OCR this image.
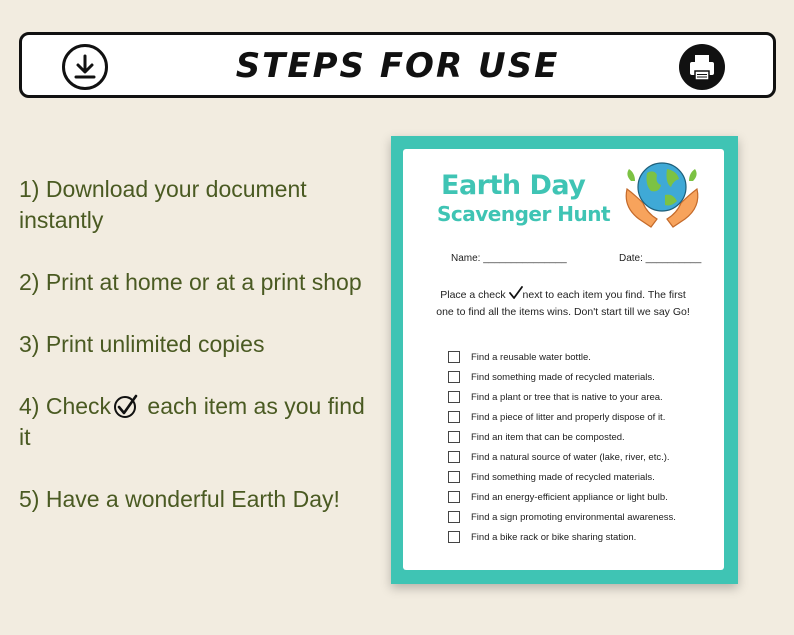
STEPS FOR USE
1) Download your document instantly
2) Print at home or at a print shop
3) Print unlimited copies
4) Check each item as you find it
5) Have a wonderful Earth Day!
Earth Day
Scavenger Hunt
Name: _______________	Date: __________
Place a check next to each item you find. The first one to find all the items wins. Don't start till we say Go!
Find a reusable water bottle.
Find something made of recycled materials.
Find a plant or tree that is native to your area.
Find a piece of litter and properly dispose of it.
Find an item that can be composted.
Find a natural source of water (lake, river, etc.).
Find something made of recycled materials.
Find an energy-efficient appliance or light bulb.
Find a sign promoting environmental awareness.
Find a bike rack or bike sharing station.
